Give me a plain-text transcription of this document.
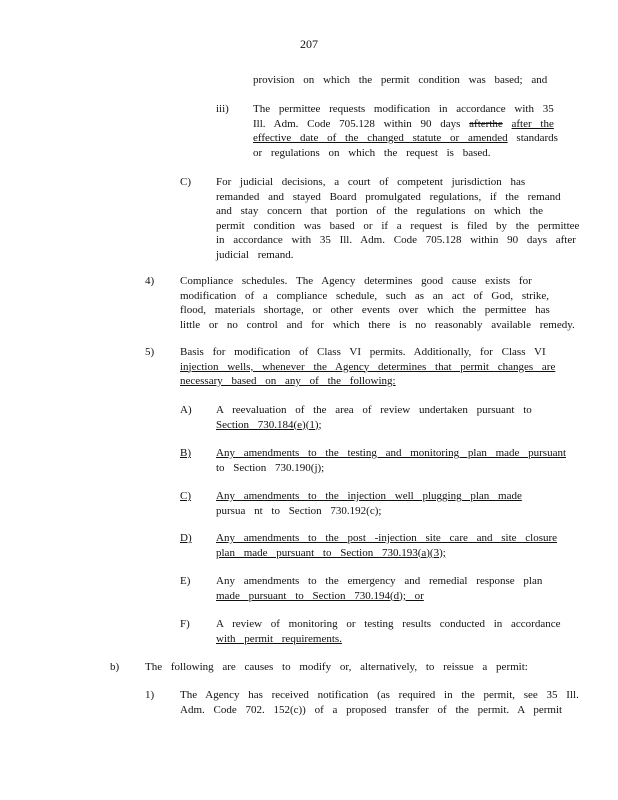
207
provision on which the permit condition was based; and
iii) The permittee requests modification in accordance with 35
Ill. Adm. Code 705.128 within 90 days afterthe after the
effective date of the changed statute or amended standards
or regulations on which the request is based.
C) For judicial decisions, a court of competent jurisdiction has
remanded and stayed Board promulgated regulations, if the remand
and stay concern that portion of the regulations on which the
permit condition was based or if a request is filed by the permittee
in accordance with 35 Ill. Adm. Code 705.128 within 90 days after
judicial remand.
4) Compliance schedules. The Agency determines good cause exists for
modification of a compliance schedule, such as an act of God, strike,
flood, materials shortage, or other events over which the permittee has
little or no control and for which there is no reasonably available remedy.
5) Basis for modification of Class VI permits. Additionally, for Class VI
injection wells, whenever the Agency determines that permit changes are
necessary based on any of the following:
A) A reevaluation of the area of review undertaken pursuant to
Section 730.184(e)(1);
B) Any amendments to the testing and monitoring plan made pursuant
to Section 730.190(j);
C) Any amendments to the injection well plugging plan made
pursua nt to Section 730.192(c);
D) Any amendments to the post -injection site care and site closure
plan made pursuant to Section 730.193(a)(3);
E) Any amendments to the emergency and remedial response plan
made pursuant to Section 730.194(d); or
F) A review of monitoring or testing results conducted in accordance
with permit requirements.
b) The following are causes to modify or, alternatively, to reissue a permit:
1) The Agency has received notification (as required in the permit, see 35 Ill.
Adm. Code 702. 152(c)) of a proposed transfer of the permit. A permit
